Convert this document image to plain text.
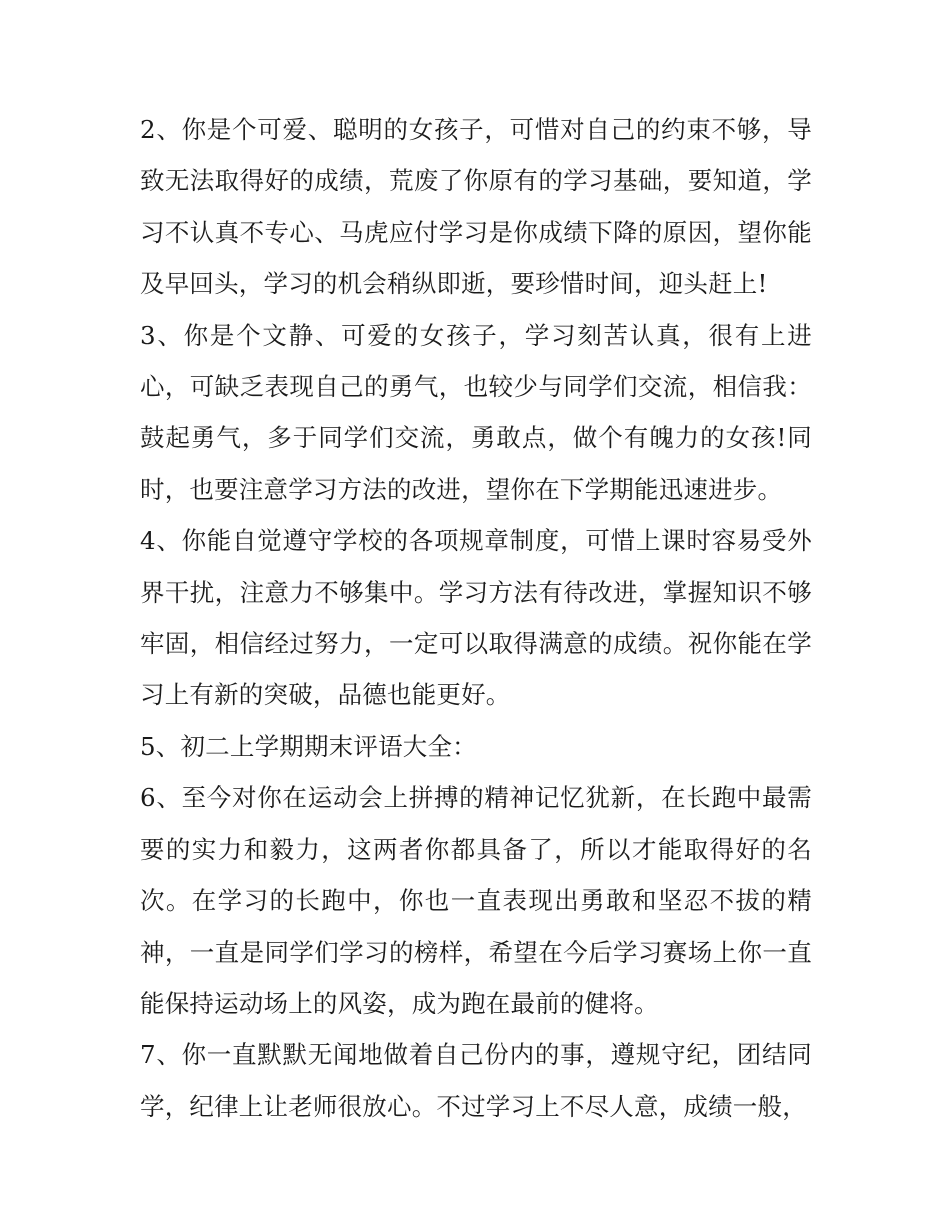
2、你是个可爱、聪明的女孩子，可惜对自己的约束不够，导致无法取得好的成绩，荒废了你原有的学习基础，要知道，学习不认真不专心、马虎应付学习是你成绩下降的原因，望你能及早回头，学习的机会稍纵即逝，要珍惜时间，迎头赶上!

3、你是个文静、可爱的女孩子，学习刻苦认真，很有上进心，可缺乏表现自己的勇气，也较少与同学们交流，相信我：鼓起勇气，多于同学们交流，勇敢点，做个有魄力的女孩!同时，也要注意学习方法的改进，望你在下学期能迅速进步。

4、你能自觉遵守学校的各项规章制度，可惜上课时容易受外界干扰，注意力不够集中。学习方法有待改进，掌握知识不够牢固，相信经过努力，一定可以取得满意的成绩。祝你能在学习上有新的突破，品德也能更好。

5、初二上学期期末评语大全：

6、至今对你在运动会上拼搏的精神记忆犹新，在长跑中最需要的实力和毅力，这两者你都具备了，所以才能取得好的名次。在学习的长跑中，你也一直表现出勇敢和坚忍不拔的精神，一直是同学们学习的榜样，希望在今后学习赛场上你一直能保持运动场上的风姿，成为跑在最前的健将。

7、你一直默默无闻地做着自己份内的事，遵规守纪，团结同学，纪律上让老师很放心。不过学习上不尽人意，成绩一般，
